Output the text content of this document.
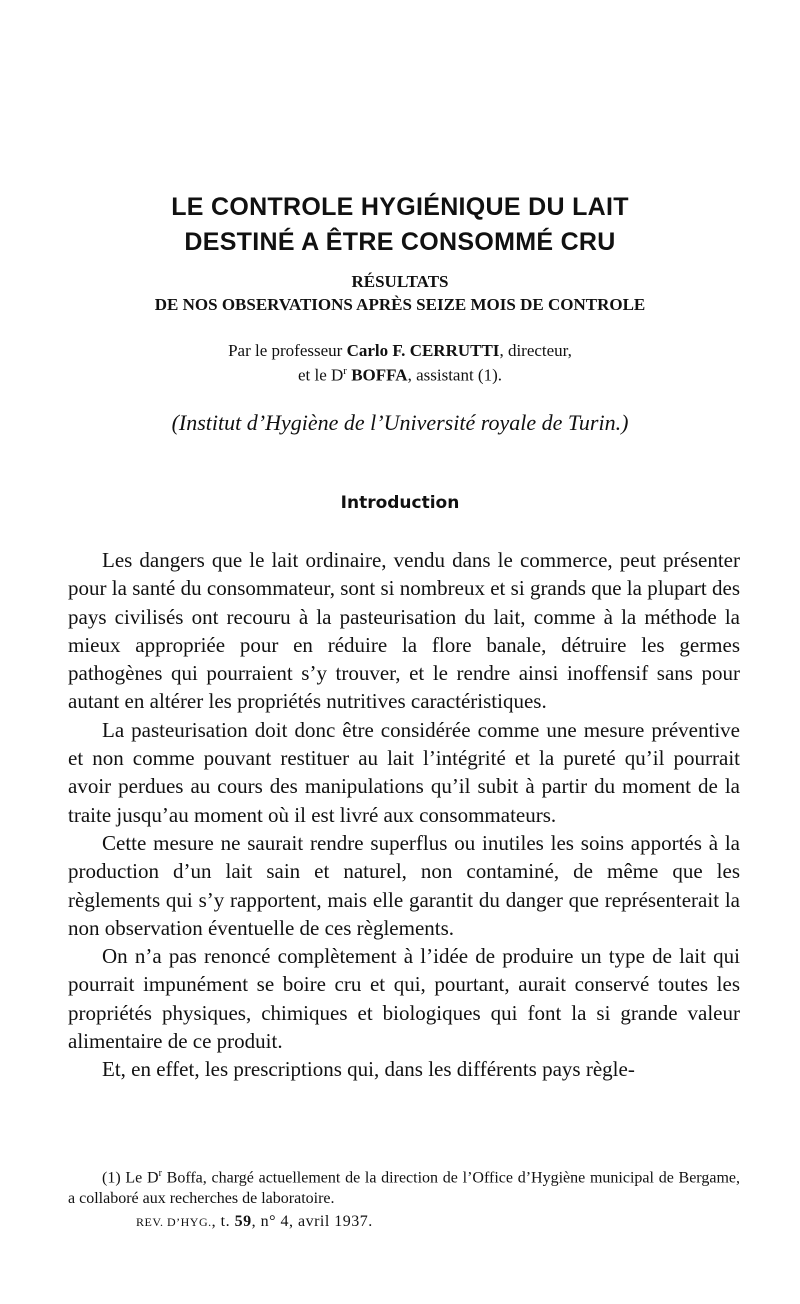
LE CONTROLE HYGIÉNIQUE DU LAIT
DESTINÉ A ÊTRE CONSOMMÉ CRU
RÉSULTATS
DE NOS OBSERVATIONS APRÈS SEIZE MOIS DE CONTROLE
Par le professeur Carlo F. CERRUTTI, directeur,
et le $D^r$ BOFFA, assistant (1).
(Institut d’Hygiène de l’Université royale de Turin.)
Introduction

Les dangers que le lait ordinaire, vendu dans le commerce, peut présenter pour la santé du consommateur, sont si nombreux et si grands que la plupart des pays civilisés ont recouru à la pasteurisation du lait, comme à la méthode la mieux appropriée pour en réduire la flore banale, détruire les germes pathogènes qui pourraient s’y trouver, et le rendre ainsi inoffensif sans pour autant en altérer les propriétés nutritives caractéristiques.

La pasteurisation doit donc être considérée comme une mesure préventive et non comme pouvant restituer au lait l’intégrité et la pureté qu’il pourrait avoir perdues au cours des manipulations qu’il subit à partir du moment de la traite jusqu’au moment où il est livré aux consommateurs.

Cette mesure ne saurait rendre superflus ou inutiles les soins apportés à la production d’un lait sain et naturel, non contaminé, de même que les règlements qui s’y rapportent, mais elle garantit du danger que représenterait la non observation éventuelle de ces règlements.

On n’a pas renoncé complètement à l’idée de produire un type de lait qui pourrait impunément se boire cru et qui, pourtant, aurait conservé toutes les propriétés physiques, chimiques et biologiques qui font la si grande valeur alimentaire de ce produit.

Et, en effet, les prescriptions qui, dans les différents pays règle-

(1) Le $D^r$ Boffa, chargé actuellement de la direction de l’Office d’Hygiène municipal de Bergame, a collaboré aux recherches de laboratoire.
REV. D’HYG., t. 59, n° 4, avril 1937.
